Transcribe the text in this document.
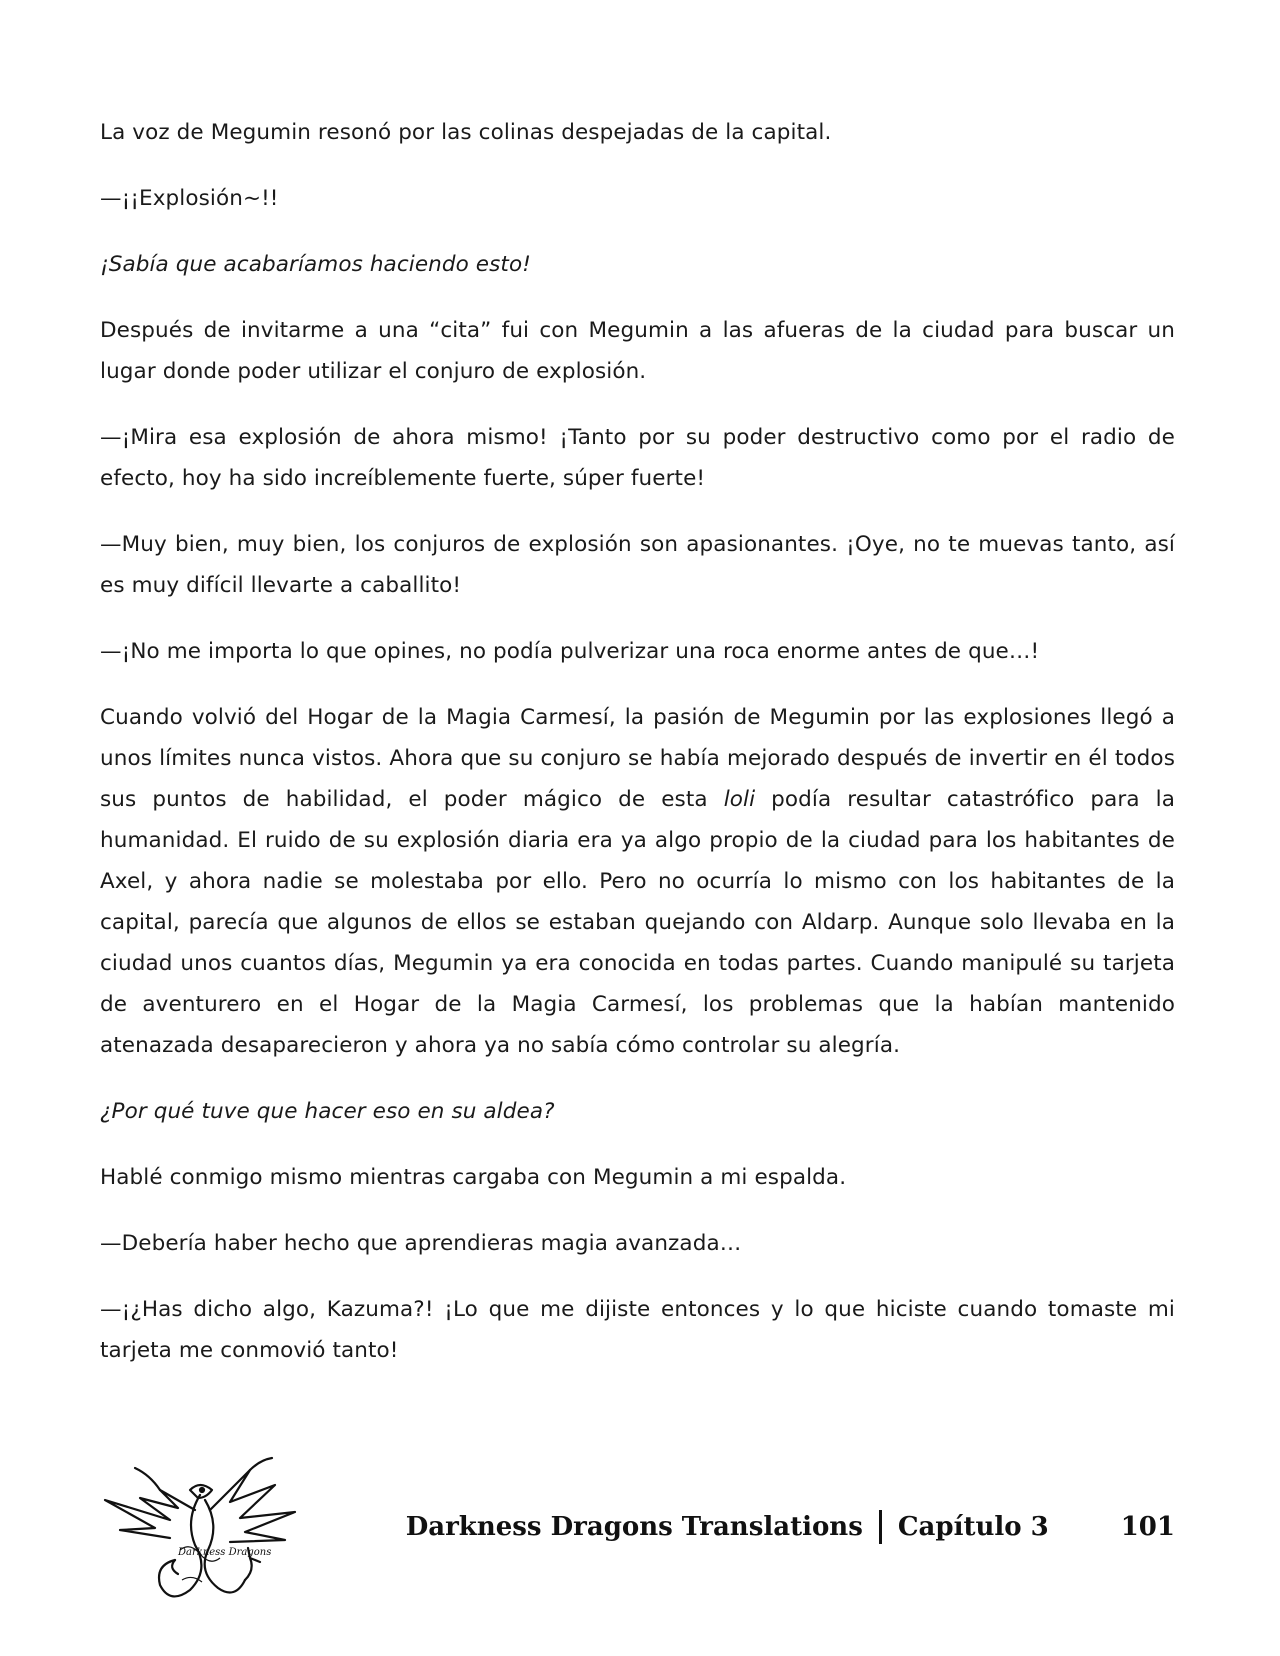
La voz de Megumin resonó por las colinas despejadas de la capital.

—¡¡Explosión~!!

¡Sabía que acabaríamos haciendo esto!

Después de invitarme a una “cita” fui con Megumin a las afueras de la ciudad para buscar un lugar donde poder utilizar el conjuro de explosión.

—¡Mira esa explosión de ahora mismo! ¡Tanto por su poder destructivo como por el radio de efecto, hoy ha sido increíblemente fuerte, súper fuerte!

—Muy bien, muy bien, los conjuros de explosión son apasionantes. ¡Oye, no te muevas tanto, así es muy difícil llevarte a caballito!

—¡No me importa lo que opines, no podía pulverizar una roca enorme antes de que…!

Cuando volvió del Hogar de la Magia Carmesí, la pasión de Megumin por las explosiones llegó a unos límites nunca vistos. Ahora que su conjuro se había mejorado después de invertir en él todos sus puntos de habilidad, el poder mágico de esta loli podía resultar catastrófico para la humanidad. El ruido de su explosión diaria era ya algo propio de la ciudad para los habitantes de Axel, y ahora nadie se molestaba por ello. Pero no ocurría lo mismo con los habitantes de la capital, parecía que algunos de ellos se estaban quejando con Aldarp. Aunque solo llevaba en la ciudad unos cuantos días, Megumin ya era conocida en todas partes. Cuando manipulé su tarjeta de aventurero en el Hogar de la Magia Carmesí, los problemas que la habían mantenido atenazada desaparecieron y ahora ya no sabía cómo controlar su alegría.

¿Por qué tuve que hacer eso en su aldea?

Hablé conmigo mismo mientras cargaba con Megumin a mi espalda.

—Debería haber hecho que aprendieras magia avanzada…

—¡¿Has dicho algo, Kazuma?! ¡Lo que me dijiste entonces y lo que hiciste cuando tomaste mi tarjeta me conmovió tanto!

Darkness Dragons
Darkness Dragons Translations Capítulo 3	101
